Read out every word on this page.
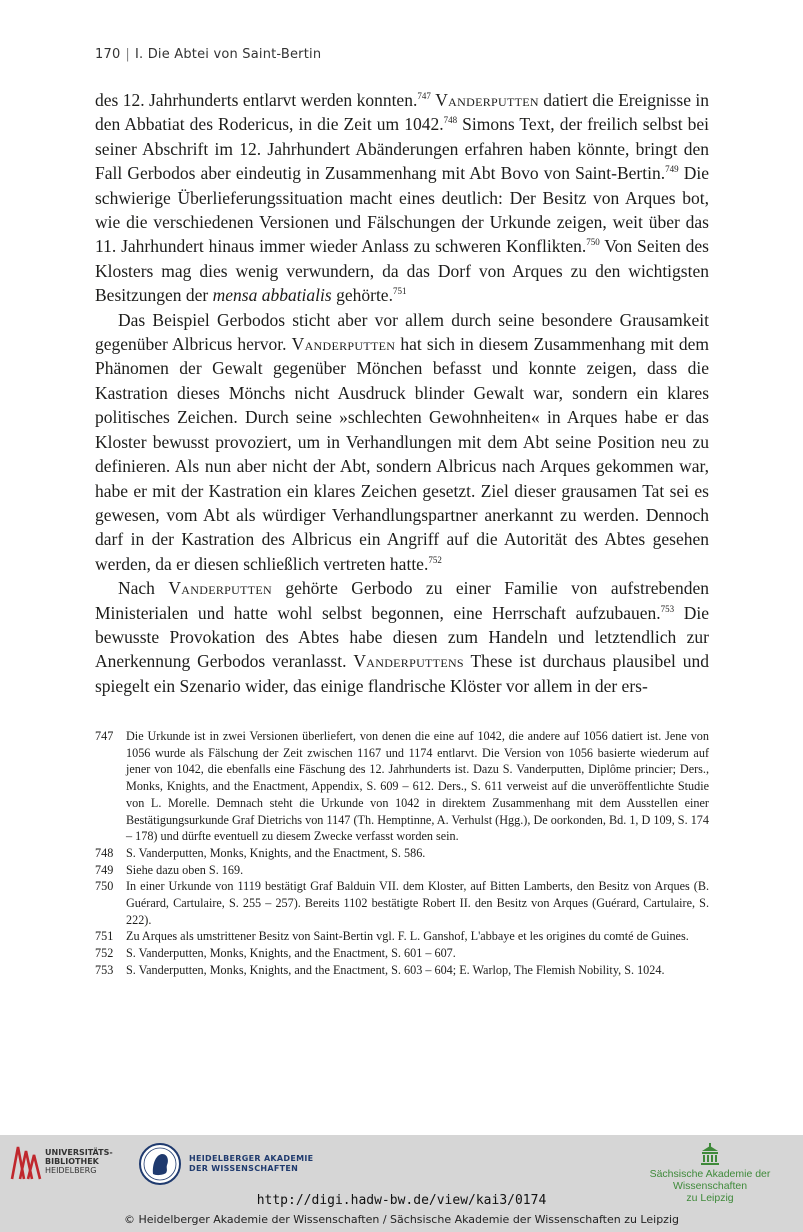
170 | I. Die Abtei von Saint-Bertin

des 12. Jahrhunderts entlarvt werden konnten.$^{747}$ Vanderputten datiert die Ereignisse in den Abbatiat des Rodericus, in die Zeit um 1042.$^{748}$ Simons Text, der freilich selbst bei seiner Abschrift im 12. Jahrhundert Abänderungen erfahren haben könnte, bringt den Fall Gerbodos aber eindeutig in Zusammenhang mit Abt Bovo von Saint-Bertin.$^{749}$ Die schwierige Überlieferungssituation macht eines deutlich: Der Besitz von Arques bot, wie die verschiedenen Versionen und Fälschungen der Urkunde zeigen, weit über das 11. Jahrhundert hinaus immer wieder Anlass zu schweren Konflikten.$^{750}$ Von Seiten des Klosters mag dies wenig verwundern, da das Dorf von Arques zu den wichtigsten Besitzungen der mensa abbatialis gehörte.$^{751}$

Das Beispiel Gerbodos sticht aber vor allem durch seine besondere Grausamkeit gegenüber Albricus hervor. Vanderputten hat sich in diesem Zusammenhang mit dem Phänomen der Gewalt gegenüber Mönchen befasst und konnte zeigen, dass die Kastration dieses Mönchs nicht Ausdruck blinder Gewalt war, sondern ein klares politisches Zeichen. Durch seine »schlechten Gewohnheiten« in Arques habe er das Kloster bewusst provoziert, um in Verhandlungen mit dem Abt seine Position neu zu definieren. Als nun aber nicht der Abt, sondern Albricus nach Arques gekommen war, habe er mit der Kastration ein klares Zeichen gesetzt. Ziel dieser grausamen Tat sei es gewesen, vom Abt als würdiger Verhandlungspartner anerkannt zu werden. Dennoch darf in der Kastration des Albricus ein Angriff auf die Autorität des Abtes gesehen werden, da er diesen schließlich vertreten hatte.$^{752}$

Nach Vanderputten gehörte Gerbodo zu einer Familie von aufstrebenden Ministerialen und hatte wohl selbst begonnen, eine Herrschaft aufzubauen.$^{753}$ Die bewusste Provokation des Abtes habe diesen zum Handeln und letztendlich zur Anerkennung Gerbodos veranlasst. Vanderputtens These ist durchaus plausibel und spiegelt ein Szenario wider, das einige flandrische Klöster vor allem in der ers-

747	Die Urkunde ist in zwei Versionen überliefert, von denen die eine auf 1042, die andere auf 1056 datiert ist. Jene von 1056 wurde als Fälschung der Zeit zwischen 1167 und 1174 entlarvt. Die Version von 1056 basierte wiederum auf jener von 1042, die ebenfalls eine Fäschung des 12. Jahrhunderts ist. Dazu S. Vanderputten, Diplôme princier; Ders., Monks, Knights, and the Enactment, Appendix, S. 609 – 612. Ders., S. 611 verweist auf die unveröffentlichte Studie von L. Morelle. Demnach steht die Urkunde von 1042 in direktem Zusammenhang mit dem Ausstellen einer Bestätigungsurkunde Graf Dietrichs von 1147 (Th. Hemptinne, A. Verhulst (Hgg.), De oorkonden, Bd. 1, D 109, S. 174 – 178) und dürfte eventuell zu diesem Zwecke verfasst worden sein.
748	S. Vanderputten, Monks, Knights, and the Enactment, S. 586.
749	Siehe dazu oben S. 169.
750	In einer Urkunde von 1119 bestätigt Graf Balduin VII. dem Kloster, auf Bitten Lamberts, den Besitz von Arques (B. Guérard, Cartulaire, S. 255 – 257). Bereits 1102 bestätigte Robert II. den Besitz von Arques (Guérard, Cartulaire, S. 222).
751	Zu Arques als umstrittener Besitz von Saint-Bertin vgl. F. L. Ganshof, L'abbaye et les origines du comté de Guines.
752	S. Vanderputten, Monks, Knights, and the Enactment, S. 601 – 607.
753	S. Vanderputten, Monks, Knights, and the Enactment, S. 603 – 604; E. Warlop, The Flemish Nobility, S. 1024.
UNIVERSITÄTS-
BIBLIOTHEK
HEIDELBERG
HEIDELBERGER AKADEMIE
DER WISSENSCHAFTEN	Sächsische Akademie der Wissenschaften
zu Leipzig
http://digi.hadw-bw.de/view/kai3/0174
© Heidelberger Akademie der Wissenschaften / Sächsische Akademie der Wissenschaften zu Leipzig
